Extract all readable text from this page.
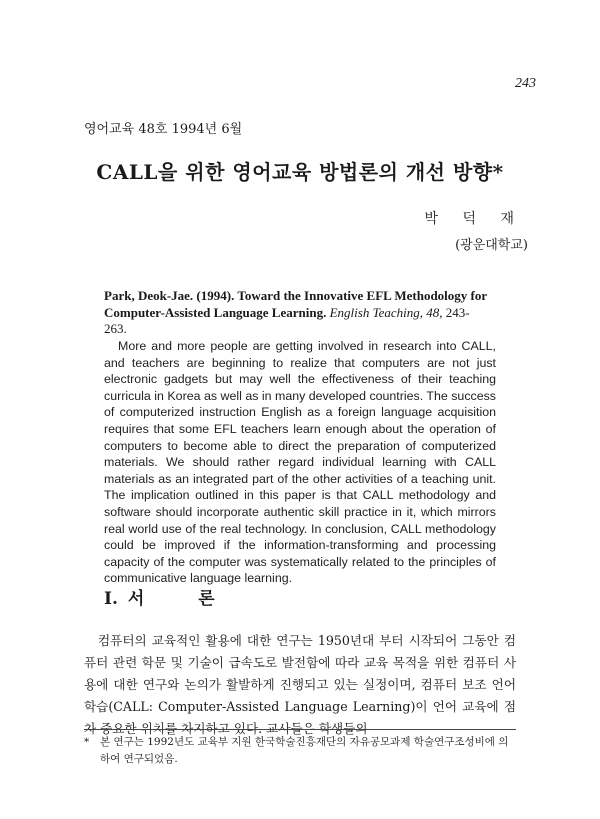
243
영어교육 48호 1994년 6월
CALL을 위한 영어교육 방법론의 개선 방향*
박 덕 재
(광운대학교)
Park, Deok-Jae. (1994). Toward the Innovative EFL Methodology for Computer-Assisted Language Learning. English Teaching, 48, 243-263.

More and more people are getting involved in research into CALL, and teachers are beginning to realize that computers are not just electronic gadgets but may well the effectiveness of their teaching curricula in Korea as well as in many developed countries. The success of computerized instruction English as a foreign language acquisition requires that some EFL teachers learn enough about the operation of computers to become able to direct the preparation of computerized materials. We should rather regard individual learning with CALL materials as an integrated part of the other activities of a teaching unit. The implication outlined in this paper is that CALL methodology and software should incorporate authentic skill practice in it, which mirrors real world use of the real technology. In conclusion, CALL methodology could be improved if the information-transforming and processing capacity of the computer was systematically related to the principles of communicative language learning.

I. 서 론

컴퓨터의 교육적인 활용에 대한 연구는 1950년대 부터 시작되어 그동안 컴퓨터 관련 학문 및 기술이 급속도로 발전함에 따라 교육 목적을 위한 컴퓨터 사용에 대한 연구와 논의가 활발하게 진행되고 있는 실정이며, 컴퓨터 보조 언어학습(CALL: Computer-Assisted Language Learning)이 언어 교육에 점차 중요한 위치를 차지하고 있다. 교사들은 학생들의

*	본 연구는 1992년도 교육부 지원 한국학술진흥재단의 자유공모과제 학술연구조성비에 의하여 연구되었음.
